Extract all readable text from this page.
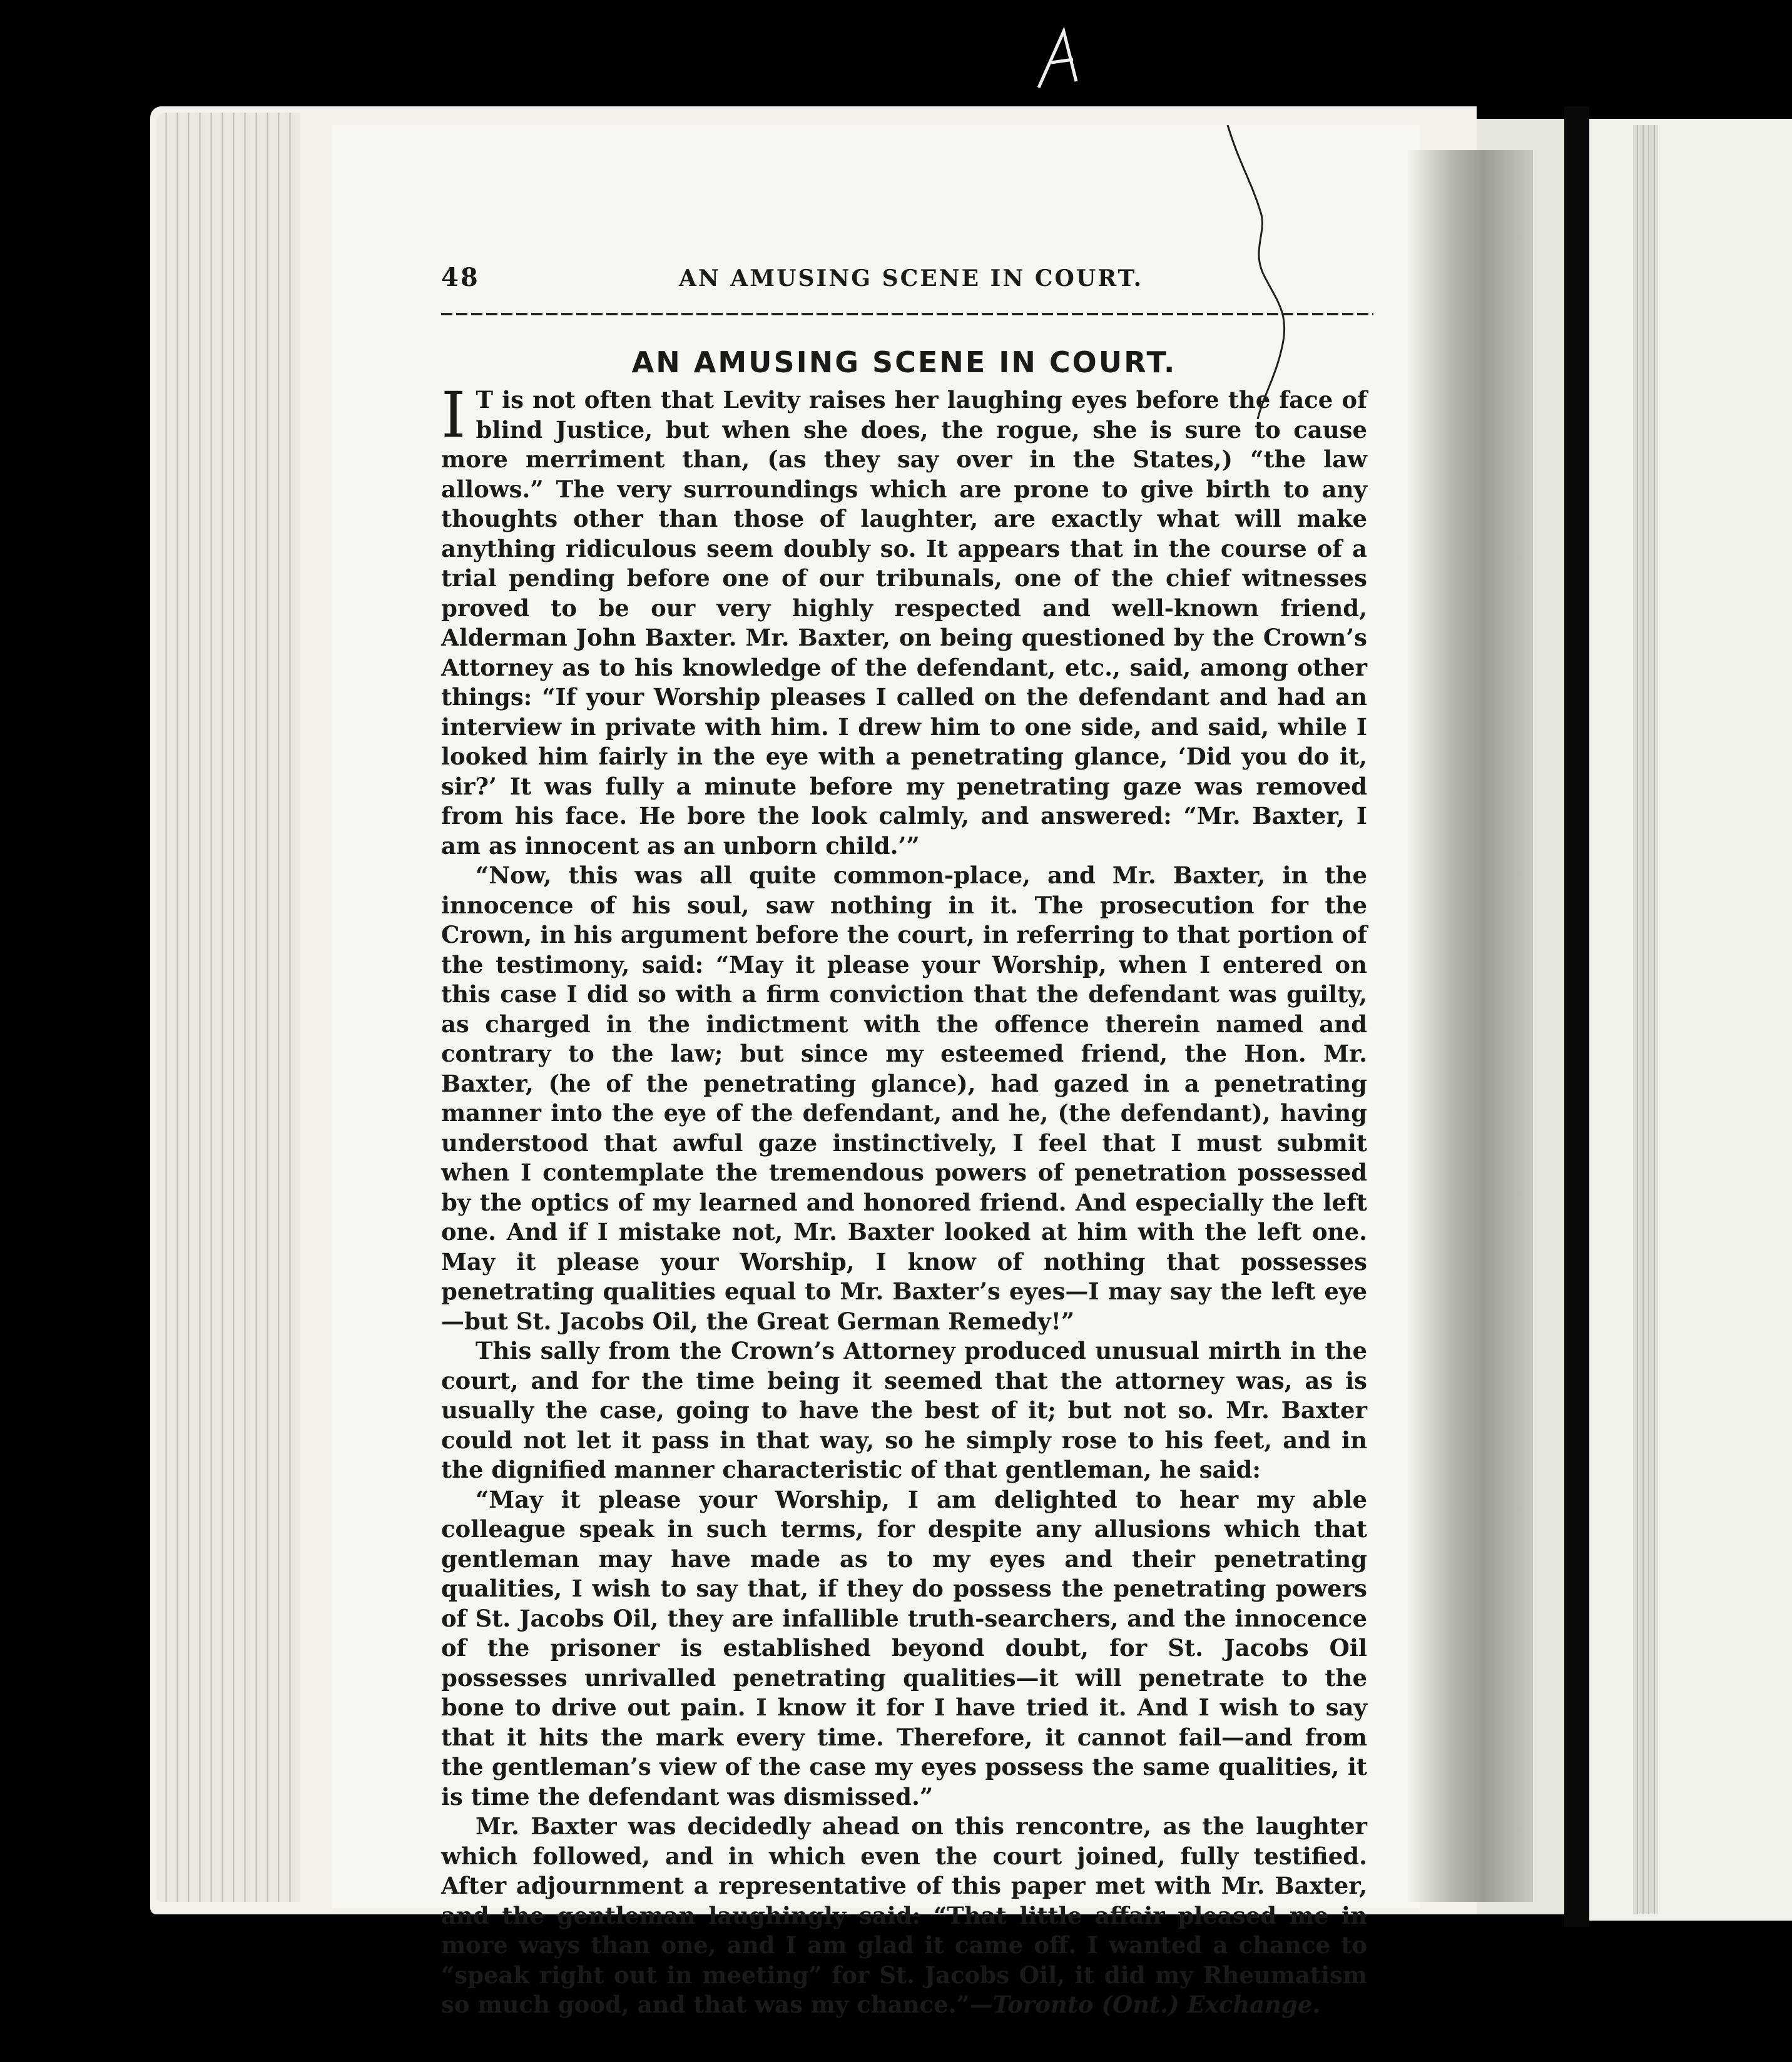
48	AN AMUSING SCENE IN COURT.
AN AMUSING SCENE IN COURT.

I T is not often that Levity raises her laughing eyes before the face of blind Justice, but when she does, the rogue, she is sure to cause more merriment than, (as they say over in the States,) “the law allows.” The very surroundings which are prone to give birth to any thoughts other than those of laughter, are exactly what will make anything ridiculous seem doubly so. It appears that in the course of a trial pending before one of our tribunals, one of the chief witnesses proved to be our very highly respected and well-known friend, Alderman John Baxter. Mr. Baxter, on being questioned by the Crown’s Attorney as to his knowledge of the defendant, etc., said, among other things: “If your Worship pleases I called on the defendant and had an interview in private with him. I drew him to one side, and said, while I looked him fairly in the eye with a penetrating glance, ‘Did you do it, sir?’ It was fully a minute before my penetrating gaze was removed from his face. He bore the look calmly, and answered: “Mr. Baxter, I am as innocent as an unborn child.’”

“Now, this was all quite common-place, and Mr. Baxter, in the innocence of his soul, saw nothing in it. The prosecution for the Crown, in his argument before the court, in referring to that portion of the testimony, said: “May it please your Worship, when I entered on this case I did so with a firm conviction that the defendant was guilty, as charged in the indictment with the offence therein named and contrary to the law; but since my esteemed friend, the Hon. Mr. Baxter, (he of the penetrating glance), had gazed in a penetrating manner into the eye of the defendant, and he, (the defendant), having understood that awful gaze instinctively, I feel that I must submit when I contemplate the tremendous powers of penetration possessed by the optics of my learned and honored friend. And especially the left one. And if I mistake not, Mr. Baxter looked at him with the left one. May it please your Worship, I know of nothing that possesses penetrating qualities equal to Mr. Baxter’s eyes—I may say the left eye—but St. Jacobs Oil, the Great German Remedy!”

This sally from the Crown’s Attorney produced unusual mirth in the court, and for the time being it seemed that the attorney was, as is usually the case, going to have the best of it; but not so. Mr. Baxter could not let it pass in that way, so he simply rose to his feet, and in the dignified manner characteristic of that gentleman, he said:

“May it please your Worship, I am delighted to hear my able colleague speak in such terms, for despite any allusions which that gentleman may have made as to my eyes and their penetrating qualities, I wish to say that, if they do possess the penetrating powers of St. Jacobs Oil, they are infallible truth-searchers, and the innocence of the prisoner is established beyond doubt, for St. Jacobs Oil possesses unrivalled penetrating qualities—it will penetrate to the bone to drive out pain. I know it for I have tried it. And I wish to say that it hits the mark every time. Therefore, it cannot fail—and from the gentleman’s view of the case my eyes possess the same qualities, it is time the defendant was dismissed.”

Mr. Baxter was decidedly ahead on this rencontre, as the laughter which followed, and in which even the court joined, fully testified. After adjournment a representative of this paper met with Mr. Baxter, and the gentleman laughingly said: “That little affair pleased me in more ways than one, and I am glad it came off. I wanted a chance to “speak right out in meeting” for St. Jacobs Oil, it did my Rheumatism so much good, and that was my chance.”—Toronto (Ont.) Exchange.
